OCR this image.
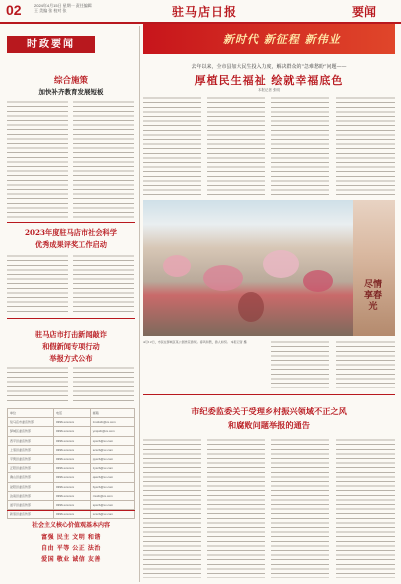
02	2024年4月15日 星期一 责任编辑 王 美编 张 校对 张	驻马店日报	要闻
时政要闻
综合施策
加快补齐教育发展短板
2023年度驻马店市社会科学
优秀成果评奖工作启动
驻马店市打击新闻敲诈
和假新闻专项行动
举报方式公布
单位	电话	邮箱
驻马店市委宣传部	0396-xxxxxxx	zmdxcb@xx.com
驿城区委宣传部	0396-xxxxxxx	ycqxcb@xx.com
西平县委宣传部	0396-xxxxxxx	xpxcb@xx.com
上蔡县委宣传部	0396-xxxxxxx	scxcb@xx.com
平舆县委宣传部	0396-xxxxxxx	pyxcb@xx.com
正阳县委宣传部	0396-xxxxxxx	zyxcb@xx.com
确山县委宣传部	0396-xxxxxxx	qsxcb@xx.com
泌阳县委宣传部	0396-xxxxxxx	byxcb@xx.com
汝南县委宣传部	0396-xxxxxxx	rnxcb@xx.com
遂平县委宣传部	0396-xxxxxxx	spxcb@xx.com
新蔡县委宣传部	0396-xxxxxxx	xcxcb@xx.com
社会主义核心价值观基本内容
富强 民主 文明 和谐
自由 平等 公正 法治
爱国 敬业 诚信 友善
新时代 新征程 新伟业
去年以来，全市县加大民生投入力度，解决群众的“急难愁盼”问题——
厚植民生福祉 绘就幸福底色
本报记者 张明
尽情享春光
4月12日，市民在驿城区某公园赏花游玩。春风和煦，游人如织。 本报记者 摄
市纪委监委关于受理乡村振兴领域不正之风
和腐败问题举报的通告
